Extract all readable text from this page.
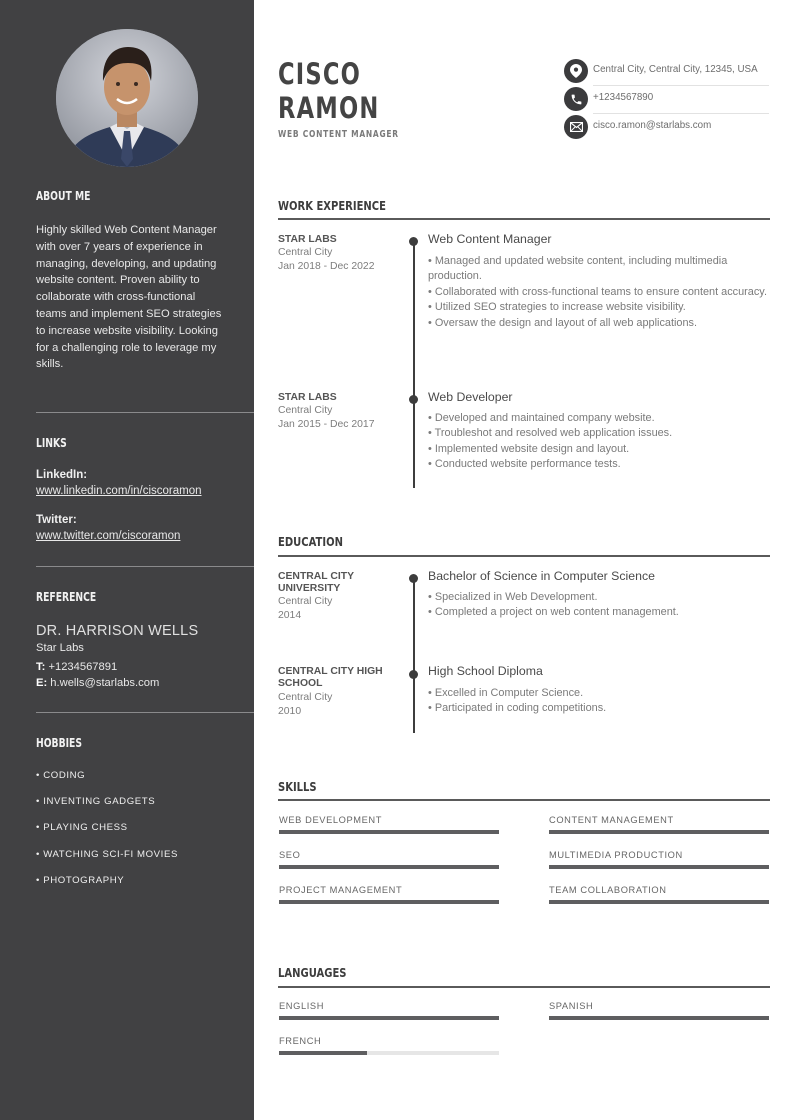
ABOUT ME
Highly skilled Web Content Manager with over 7 years of experience in managing, developing, and updating website content. Proven ability to collaborate with cross-functional teams and implement SEO strategies to increase website visibility. Looking for a challenging role to leverage my skills.
LINKS
LinkedIn:
www.linkedin.com/in/ciscoramon
Twitter:
www.twitter.com/ciscoramon
REFERENCE
DR. HARRISON WELLS
Star Labs
T: +1234567891
E: h.wells@starlabs.com
HOBBIES
• CODING
• INVENTING GADGETS
• PLAYING CHESS
• WATCHING SCI-FI MOVIES
• PHOTOGRAPHY
CISCO
RAMON
WEB CONTENT MANAGER
Central City, Central City, 12345, USA
+1234567890
cisco.ramon@starlabs.com
WORK EXPERIENCE
STAR LABS
Central City
Jan 2018 - Dec 2022
Web Content Manager
• Managed and updated website content, including multimedia production.
• Collaborated with cross-functional teams to ensure content accuracy.
• Utilized SEO strategies to increase website visibility.
• Oversaw the design and layout of all web applications.
STAR LABS
Central City
Jan 2015 - Dec 2017
Web Developer
• Developed and maintained company website.
• Troubleshot and resolved web application issues.
• Implemented website design and layout.
• Conducted website performance tests.
EDUCATION
CENTRAL CITY UNIVERSITY
Central City
2014
Bachelor of Science in Computer Science
• Specialized in Web Development.
• Completed a project on web content management.
CENTRAL CITY HIGH SCHOOL
Central City
2010
High School Diploma
• Excelled in Computer Science.
• Participated in coding competitions.
SKILLS
WEB DEVELOPMENT	CONTENT MANAGEMENT
SEO	MULTIMEDIA PRODUCTION
PROJECT MANAGEMENT	TEAM COLLABORATION
LANGUAGES
ENGLISH	SPANISH
FRENCH
